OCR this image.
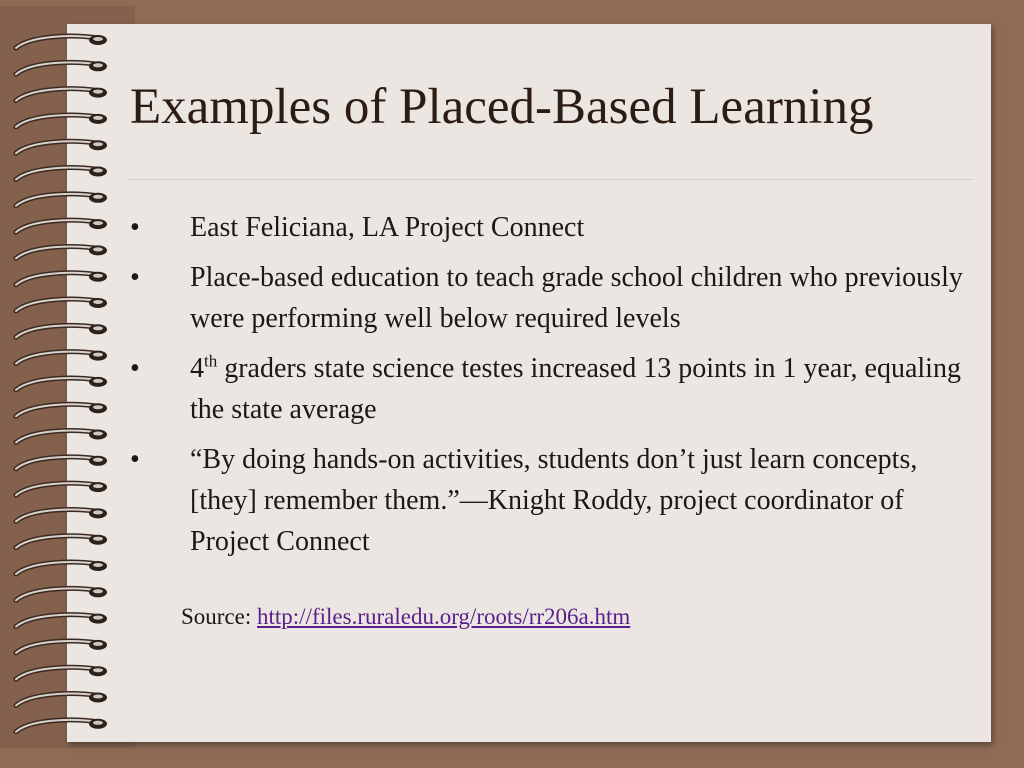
Examples of Placed-Based Learning
• East Feliciana, LA Project Connect
• Place-based education to teach grade school children who previously were performing well below required levels
• 4th graders state science testes increased 13 points in 1 year, equaling the state average
• “By doing hands-on activities, students don’t just learn concepts, [they] remember them.”—Knight Roddy, project coordinator of Project Connect
Source: http://files.ruraledu.org/roots/rr206a.htm
